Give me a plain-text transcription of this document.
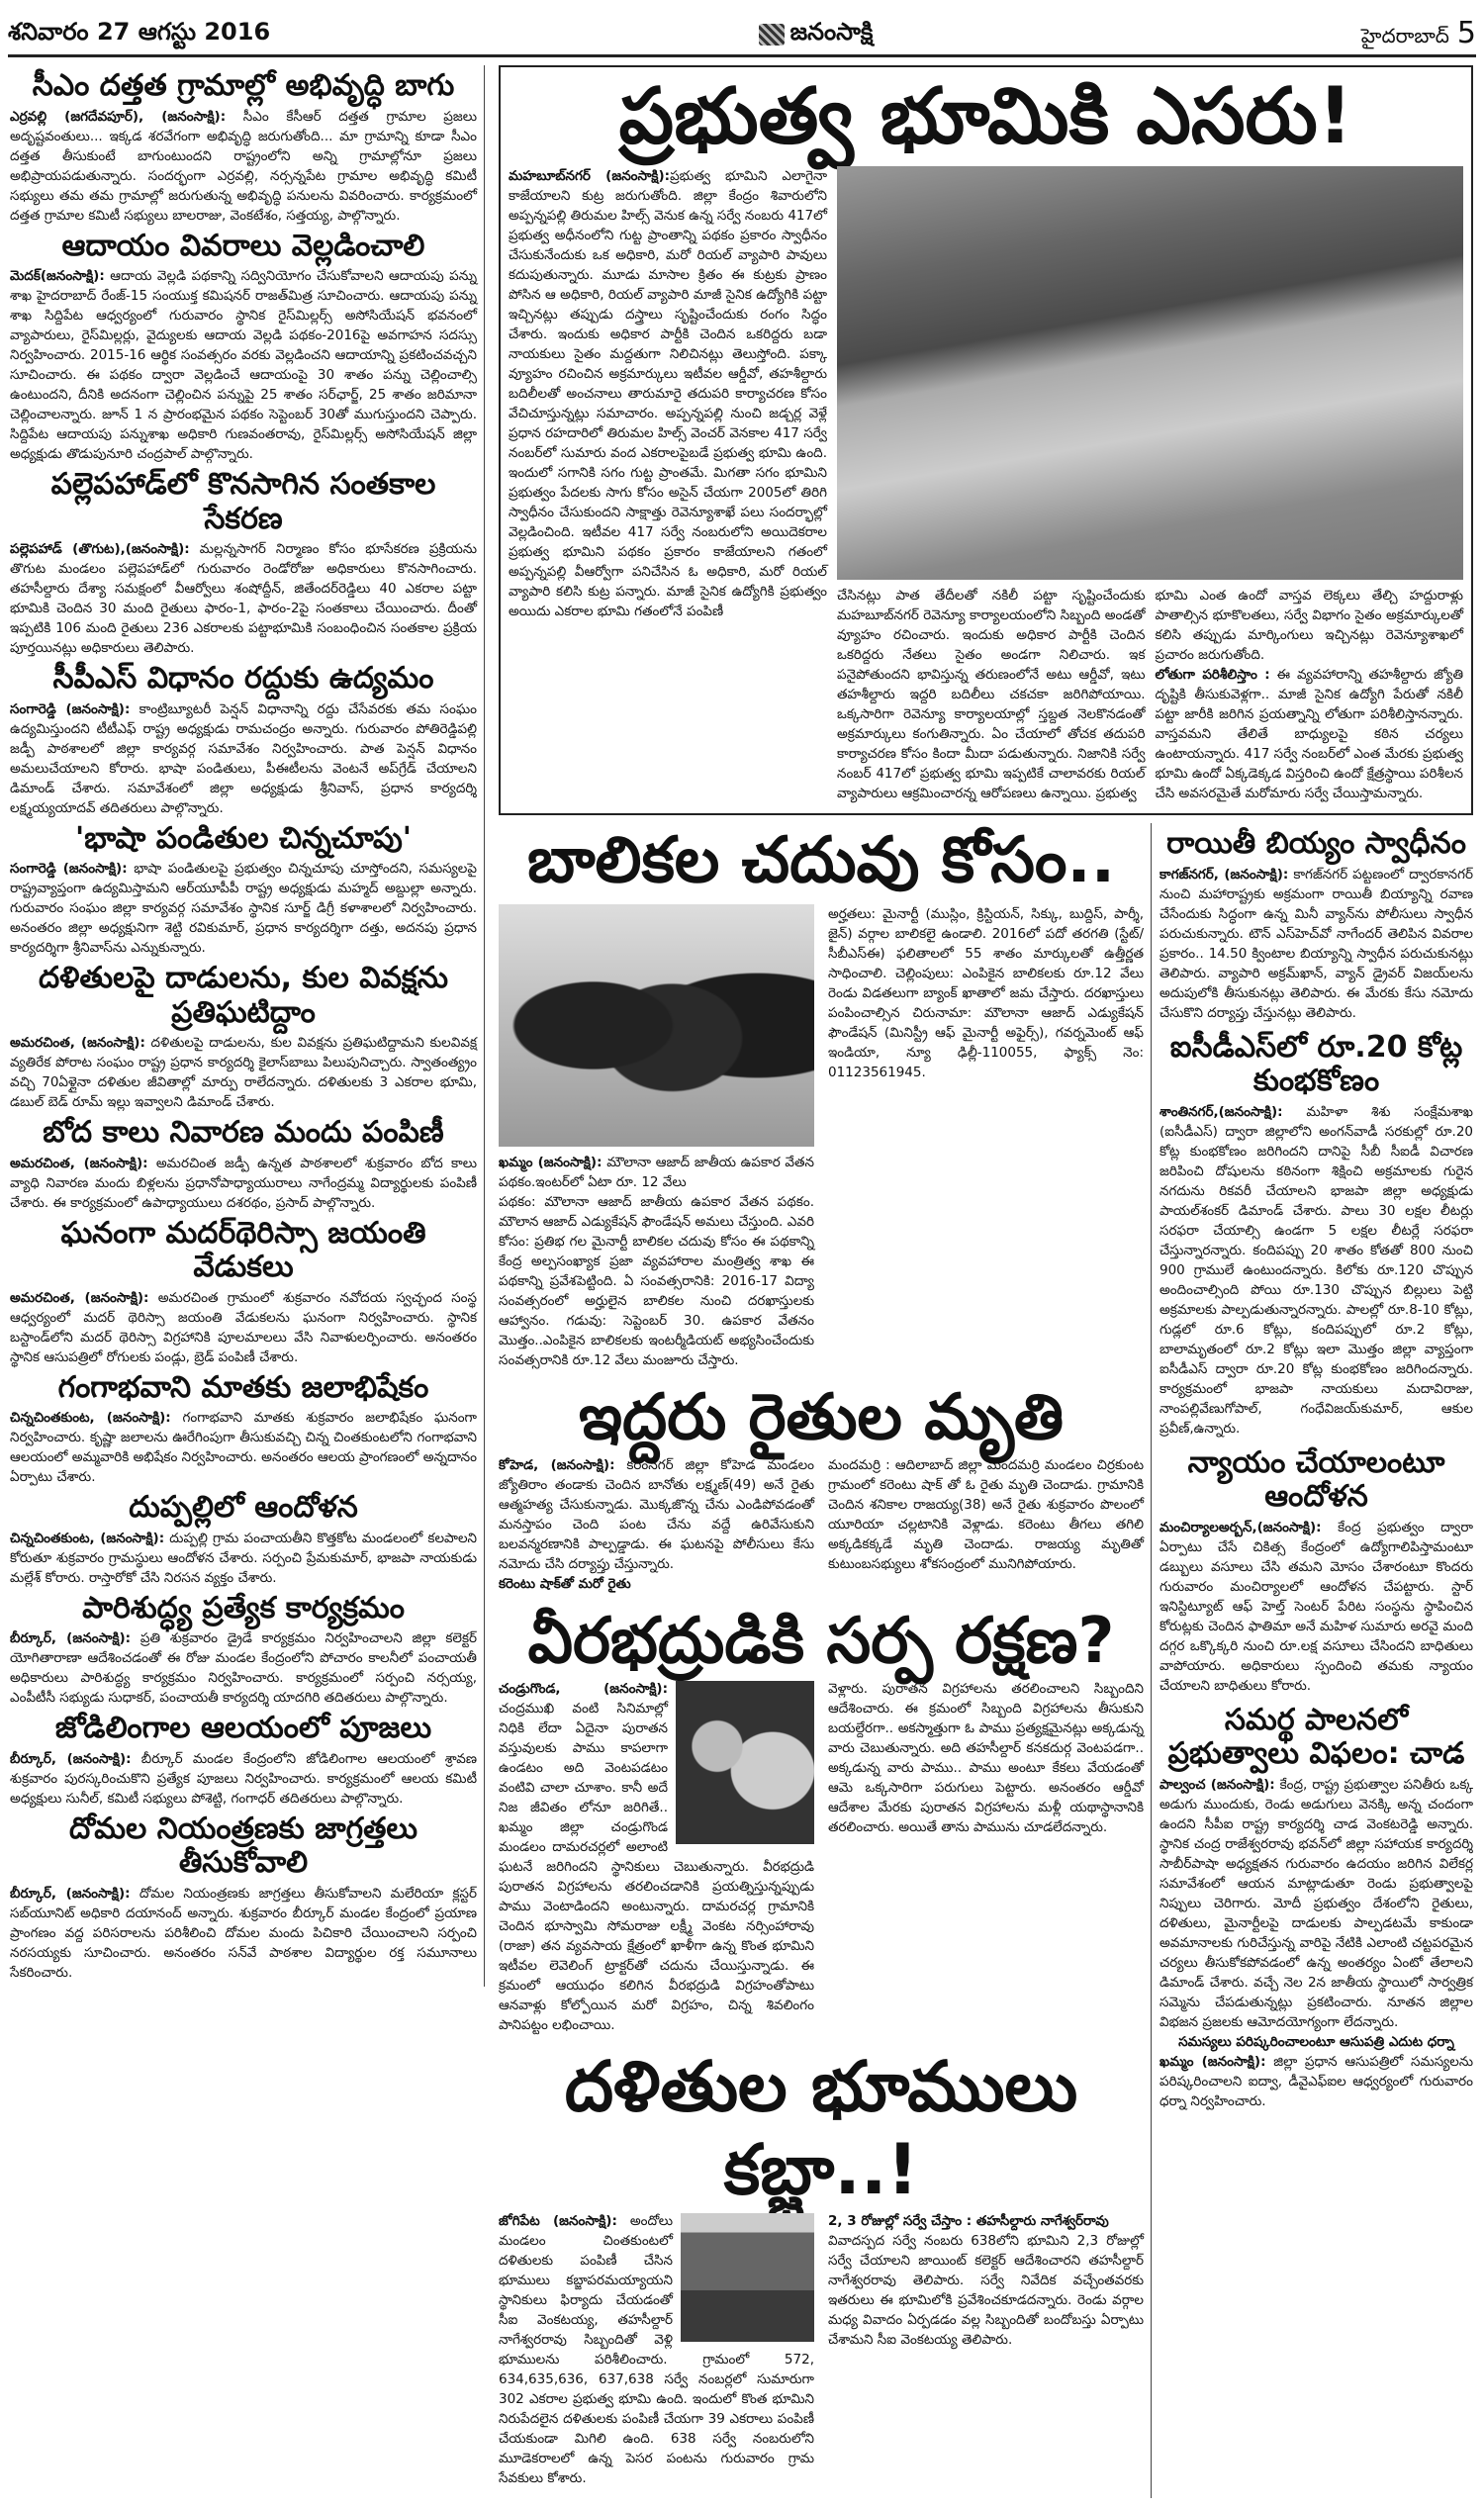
శనివారం 27 ఆగస్టు 2016	జనంసాక్షి	హైదరాబాద్ 5
సీఎం దత్తత గ్రామాల్లో అభివృద్ధి బాగు

ఎర్రవల్లి (జగదేవపూర్), (జనంసాక్షి): సీఎం కేసీఆర్ దత్తత గ్రామాల ప్రజలు అదృష్టవంతులు... ఇక్కడ శరవేగంగా అభివృద్ధి జరుగుతోంది... మా గ్రామాన్ని కూడా సీఎం దత్తత తీసుకుంటే బాగుంటుందని రాష్ట్రంలోని అన్ని గ్రామాల్లోనూ ప్రజలు అభిప్రాయపడుతున్నారు. సందర్భంగా ఎర్రవల్లి, నర్సన్నపేట గ్రామాల అభివృద్ధి కమిటీ సభ్యులు తమ తమ గ్రామాల్లో జరుగుతున్న అభివృద్ధి పనులను వివరించారు. కార్యక్రమంలో దత్తత గ్రామాల కమిటీ సభ్యులు బాలరాజు, వెంకటేశం, సత్తయ్య, పాల్గొన్నారు.

ఆదాయం వివరాలు వెల్లడించాలి

మెదక్(జనంసాక్షి): ఆదాయ వెల్లడి పథకాన్ని సద్వినియోగం చేసుకోవాలని ఆదాయపు పన్ను శాఖ హైదరాబాద్ రేంజ్-15 సంయుక్త కమిషనర్ రాజత్‌మిత్ర సూచించారు. ఆదాయపు పన్ను శాఖ సిద్దిపేట ఆధ్వర్యంలో గురువారం స్థానిక రైస్‌మిల్లర్స్ అసోసియేషన్ భవనంలో వ్యాపారులు, రైస్‌మిల్లర్లు, వైద్యులకు ఆదాయ వెల్లడి పథకం-2016పై అవగాహన సదస్సు నిర్వహించారు. 2015-16 ఆర్థిక సంవత్సరం వరకు వెల్లడించని ఆదాయాన్ని ప్రకటించవచ్చని సూచించారు. ఈ పథకం ద్వారా వెల్లడించే ఆదాయంపై 30 శాతం పన్ను చెల్లించాల్సి ఉంటుందని, దీనికి అదనంగా చెల్లించిన పన్నుపై 25 శాతం సర్‌ఛార్జ్, 25 శాతం జరిమానా చెల్లించాలన్నారు. జూన్ 1 న ప్రారంభమైన పథకం సెప్టెంబర్ 30తో ముగుస్తుందని చెప్పారు. సిద్దిపేట ఆదాయపు పన్నుశాఖ అధికారి గుణవంతరావు, రైస్‌మిల్లర్స్ అసోసియేషన్ జిల్లా అధ్యక్షుడు తొడుపునూరి చంద్రపాల్ పాల్గొన్నారు.

పల్లెపహాడ్‌లో కొనసాగిన సంతకాల సేకరణ

పల్లెపహాడ్ (తొగుట),(జనంసాక్షి): మల్లన్నసాగర్ నిర్మాణం కోసం భూసేకరణ ప్రక్రియను తొగుట మండలం పల్లెపహాడ్‌లో గురువారం రెండోరోజు అధికారులు కొనసాగించారు. తహసీల్దారు దేశ్యా సమక్షంలో వీఆర్వోలు శంషోద్దీన్, జితేందర్‌రెడ్డిలు 40 ఎకరాల పట్టా భూమికి చెందిన 30 మంది రైతులు ఫారం-1, ఫారం-2పై సంతకాలు చేయించారు. దీంతో ఇప్పటికి 106 మంది రైతులు 236 ఎకరాలకు పట్టాభూమికి సంబంధించిన సంతకాల ప్రక్రియ పూర్తయినట్లు అధికారులు తెలిపారు.

సీపీఎస్ విధానం రద్దుకు ఉద్యమం

సంగారెడ్డి (జనంసాక్షి): కాంట్రిబ్యూటరీ పెన్షన్ విధానాన్ని రద్దు చేసేవరకు తమ సంఘం ఉద్యమిస్తుందని టీటీఎఫ్ రాష్ట్ర అధ్యక్షుడు రామచంద్రం అన్నారు. గురువారం పోతిరెడ్డిపల్లి జడ్పీ పాఠశాలలో జిల్లా కార్యవర్గ సమావేశం నిర్వహించారు. పాత పెన్షన్ విధానం అమలుచేయాలని కోరారు. భాషా పండితులు, పీఈటీలను వెంటనే అప్‌గ్రేడ్ చేయాలని డిమాండ్ చేశారు. సమావేశంలో జిల్లా అధ్యక్షుడు శ్రీనివాస్, ప్రధాన కార్యదర్శి లక్ష్మయ్యయాదవ్ తదితరులు పాల్గొన్నారు.

'భాషా పండితుల చిన్నచూపు'

సంగారెడ్డి (జనంసాక్షి): భాషా పండితులపై ప్రభుత్వం చిన్నచూపు చూస్తోందని, సమస్యలపై రాష్ట్రవ్యాప్తంగా ఉద్యమిస్తామని ఆర్‌యూపీపీ రాష్ట్ర అధ్యక్షుడు మహ్మద్ అబ్దుల్లా అన్నారు. గురువారం సంఘం జిల్లా కార్యవర్గ సమావేశం స్థానిక సూర్జ్ డిగ్రీ కళాశాలలో నిర్వహించారు. అనంతరం జిల్లా అధ్యక్షునిగా శెట్టి రవికుమార్, ప్రధాన కార్యదర్శిగా దత్తు, అదనపు ప్రధాన కార్యదర్శిగా శ్రీనివాస్‌ను ఎన్నుకున్నారు.

దళితులపై దాడులను, కుల వివక్షను ప్రతిఘటిద్దాం

అమరచింత, (జనంసాక్షి): దళితులపై దాడులను, కుల వివక్షను ప్రతిఘటిద్దామని కులవివక్ష వ్యతిరేక పోరాట సంఘం రాష్ట్ర ప్రధాన కార్యదర్శి కైలాస్‌బాబు పిలుపునిచ్చారు. స్వాతంత్య్రం వచ్చి 70ఏళ్లైనా దళితుల జీవితాల్లో మార్పు రాలేదన్నారు. దళితులకు 3 ఎకరాల భూమి, డబుల్ బెడ్ రూమ్ ఇల్లు ఇవ్వాలని డిమాండ్ చేశారు.

బోద కాలు నివారణ మందు పంపిణీ

అమరచింత, (జనంసాక్షి): అమరచింత జడ్పీ ఉన్నత పాఠశాలలో శుక్రవారం బోద కాలు వ్యాధి నివారణ మందు బిళ్లలను ప్రధానోపాధ్యాయురాలు నాగేంద్రమ్మ విద్యార్థులకు పంపిణీ చేశారు. ఈ కార్యక్రమంలో ఉపాధ్యాయులు దశరథం, ప్రసాద్ పాల్గొన్నారు.

ఘనంగా మదర్‌థెరిస్సా జయంతి వేడుకలు

అమరచింత, (జనంసాక్షి): అమరచింత గ్రామంలో శుక్రవారం నవోదయ స్వచ్ఛంద సంస్థ ఆధ్వర్యంలో మదర్ థెరిస్సా జయంతి వేడుకలను ఘనంగా నిర్వహించారు. స్థానిక బస్టాండ్‌లోని మదర్ థెరిస్సా విగ్రహానికి పూలమాలలు వేసి నివాళులర్పించారు. అనంతరం స్థానిక ఆసుపత్రిలో రోగులకు పండ్లు, బ్రెడ్ పంపిణీ చేశారు.

గంగాభవాని మాతకు జలాభిషేకం

చిన్నచింతకుంట, (జనంసాక్షి): గంగాభవాని మాతకు శుక్రవారం జలాభిషేకం ఘనంగా నిర్వహించారు. కృష్ణా జలాలను ఊరేగింపుగా తీసుకువచ్చి చిన్న చింతకుంటలోని గంగాభవాని ఆలయంలో అమ్మవారికి అభిషేకం నిర్వహించారు. అనంతరం ఆలయ ప్రాంగణంలో అన్నదానం ఏర్పాటు చేశారు.

దుప్పల్లిలో ఆందోళన

చిన్నచింతకుంట, (జనంసాక్షి): దుప్పల్లి గ్రామ పంచాయతీని కొత్తకోట మండలంలో కలపాలని కోరుతూ శుక్రవారం గ్రామస్థులు ఆందోళన చేశారు. సర్పంచి ప్రేమకుమార్, భాజపా నాయకుడు మల్లేశ్ కోరారు. రాస్తారోకో చేసి నిరసన వ్యక్తం చేశారు.

పారిశుద్ధ్య ప్రత్యేక కార్యక్రమం

బీర్కూర్, (జనంసాక్షి): ప్రతి శుక్రవారం డ్రైడే కార్యక్రమం నిర్వహించాలని జిల్లా కలెక్టర్ యోగితారాణా ఆదేశించడంతో ఈ రోజు మండల కేంద్రంలోని పోచారం కాలనీలో పంచాయతీ అధికారులు పారిశుద్ధ్య కార్యక్రమం నిర్వహించారు. కార్యక్రమంలో సర్పంచి నర్సయ్య, ఎంపీటీసీ సభ్యుడు సుధాకర్, పంచాయతీ కార్యదర్శి యాదగిరి తదితరులు పాల్గొన్నారు.

జోడిలింగాల ఆలయంలో పూజలు

బీర్కూర్, (జనంసాక్షి): బీర్కూర్ మండల కేంద్రంలోని జోడిలింగాల ఆలయంలో శ్రావణ శుక్రవారం పురస్కరించుకొని ప్రత్యేక పూజలు నిర్వహించారు. కార్యక్రమంలో ఆలయ కమిటీ అధ్యక్షులు సునీల్, కమిటీ సభ్యులు పోశెట్టి, గంగాధర్ తదితరులు పాల్గొన్నారు.

దోమల నియంత్రణకు జాగ్రత్తలు తీసుకోవాలి

బీర్కూర్, (జనంసాక్షి): దోమల నియంత్రణకు జాగ్రత్తలు తీసుకోవాలని మలేరియా క్లస్టర్ సబ్‌యూనిట్ అధికారి దయానంద్ అన్నారు. శుక్రవారం బీర్కూర్ మండల కేంద్రంలో ప్రయాణ ప్రాంగణం వద్ద పరిసరాలను పరిశీలించి దోమల మందు పిచికారి చేయించాలని సర్పంచి నరసయ్యకు సూచించారు. అనంతరం సన్‌వే పాఠశాల విద్యార్థుల రక్త సమూనాలు సేకరించారు.

ప్రభుత్వ భూమికి ఎసరు!

మహబూబ్‌నగర్ (జనంసాక్షి):ప్రభుత్వ భూమిని ఎలాగైనా కాజేయాలని కుట్ర జరుగుతోంది. జిల్లా కేంద్రం శివారులోని అప్పన్నపల్లి తిరుమల హిల్స్ వెనుక ఉన్న సర్వే నంబరు 417లో ప్రభుత్వ అధీనంలోని గుట్ట ప్రాంతాన్ని పథకం ప్రకారం స్వాధీనం చేసుకునేందుకు ఒక అధికారి, మరో రియల్ వ్యాపారి పావులు కదుపుతున్నారు. మూడు మాసాల క్రితం ఈ కుట్రకు ప్రాణం పోసిన ఆ అధికారి, రియల్ వ్యాపారి మాజీ సైనిక ఉద్యోగికి పట్టా ఇచ్చినట్లు తప్పుడు దస్త్రాలు సృష్టించేందుకు రంగం సిద్ధం చేశారు. ఇందుకు అధికార పార్టీకి చెందిన ఒకరిద్దరు బడా నాయకులు సైతం మద్దతుగా నిలిచినట్లు తెలుస్తోంది. పక్కా వ్యూహం రచించిన అక్రమార్కులు ఇటీవల ఆర్డీవో, తహశీల్దారు బదిలీలతో అంచనాలు తారుమారై తదుపరి కార్యాచరణ కోసం వేచిచూస్తున్నట్లు సమాచారం. అప్పన్నపల్లి నుంచి జడ్చర్ల వెళ్లే ప్రధాన రహదారిలో తిరుమల హిల్స్ వెంచర్ వెనకాల 417 సర్వే నంబర్‌లో సుమారు వంద ఎకరాలపైబడే ప్రభుత్వ భూమి ఉంది. ఇందులో సగానికి సగం గుట్ట ప్రాంతమే. మిగతా సగం భూమిని ప్రభుత్వం పేదలకు సాగు కోసం అసైన్ చేయగా 2005లో తిరిగి స్వాధీనం చేసుకుందని సాక్షాత్తు రెవెన్యూశాఖే పలు సందర్భాల్లో వెల్లడించింది. ఇటీవల 417 సర్వే నంబరులోని అయిదెకరాల ప్రభుత్వ భూమిని పథకం ప్రకారం కాజేయాలని గతంలో అప్పన్నపల్లి వీఆర్వోగా పనిచేసిన ఓ అధికారి, మరో రియల్ వ్యాపారి కలిసి కుట్ర పన్నారు. మాజీ సైనిక ఉద్యోగికి ప్రభుత్వం అయిదు ఎకరాల భూమి గతంలోనే పంపిణీ

చేసినట్లు పాత తేదీలతో నకిలీ పట్టా సృష్టించేందుకు మహబూబ్‌నగర్ రెవెన్యూ కార్యాలయంలోని సిబ్బంది అండతో వ్యూహం రచించారు. ఇందుకు అధికార పార్టీకి చెందిన ఒకరిద్దరు నేతలు సైతం అండగా నిలిచారు. ఇక పనైపోతుందని భావిస్తున్న తరుణంలోనే అటు ఆర్డీవో, ఇటు తహశీల్దారు ఇద్దరి బదిలీలు చకచకా జరిగిపోయాయి. ఒక్కసారిగా రెవెన్యూ కార్యాలయాల్లో స్తబ్దత నెలకొనడంతో అక్రమార్కులు కంగుతిన్నారు. ఏం చేయాలో తోచక తదుపరి కార్యాచరణ కోసం కిందా మీదా పడుతున్నారు. నిజానికి సర్వే నంబర్ 417లో ప్రభుత్వ భూమి ఇప్పటికే చాలావరకు రియల్ వ్యాపారులు ఆక్రమించారన్న ఆరోపణలు ఉన్నాయి. ప్రభుత్వ

భూమి ఎంత ఉందో వాస్తవ లెక్కలు తేల్చి హద్దురాళ్లు పాతాల్సిన భూకొలతలు, సర్వే విభాగం సైతం అక్రమార్కులతో కలిసి తప్పుడు మార్కింగులు ఇచ్చినట్లు రెవెన్యూశాఖలో ప్రచారం జరుగుతోంది.

లోతుగా పరిశీలిస్తాం : ఈ వ్యవహారాన్ని తహశీల్దారు జ్యోతి దృష్టికి తీసుకువెళ్లగా.. మాజీ సైనిక ఉద్యోగి పేరుతో నకిలీ పట్టా జారీకి జరిగిన ప్రయత్నాన్ని లోతుగా పరిశీలిస్తానన్నారు. వాస్తవమని తేలితే బాధ్యులపై కఠిన చర్యలు ఉంటాయన్నారు. 417 సర్వే నంబర్‌లో ఎంత మేరకు ప్రభుత్వ భూమి ఉందో ఏక్కడెక్కడ విస్తరించి ఉందో క్షేత్రస్థాయి పరిశీలన చేసి అవసరమైతే మరోమారు సర్వే చేయిస్తామన్నారు.

బాలికల చదువు కోసం..

ఖమ్మం (జనంసాక్షి): మౌలానా ఆజాద్ జాతీయ ఉపకార వేతన పథకం.ఇంటర్‌లో ఏటా రూ. 12 వేలు

పథకం: మౌలానా ఆజాద్ జాతీయ ఉపకార వేతన పథకం. మౌలాన ఆజాద్ ఎడ్యుకేషన్ ఫౌండేషన్ అమలు చేస్తుంది. ఎవరి కోసం: ప్రతిభ గల మైనార్టీ బాలికల చదువు కోసం ఈ పథకాన్ని కేంద్ర అల్పసంఖ్యాక ప్రజా వ్యవహారాల మంత్రిత్వ శాఖ ఈ పథకాన్ని ప్రవేశపెట్టింది. ఏ సంవత్సరానికి: 2016-17 విద్యా సంవత్సరంలో అర్హులైన బాలికల నుంచి దరఖాస్తులకు ఆహ్వానం. గడువు: సెప్టెంబర్ 30. ఉపకార వేతనం మొత్తం..ఎంపికైన బాలికలకు ఇంటర్మీడియట్ అభ్యసించేందుకు సంవత్సరానికి రూ.12 వేలు మంజూరు చేస్తారు.

అర్హతలు: మైనార్టీ (ముస్లిం, క్రిస్టియన్, సిక్కు, బుద్దిస్, పార్శీ, జైన్) వర్గాల బాలికలై ఉండాలి. 2016లో పదో తరగతి (స్టేట్/సీబీఎస్‌ఈ) ఫలితాలలో 55 శాతం మార్కులతో ఉత్తీర్ణత సాధించాలి. చెల్లింపులు: ఎంపికైన బాలికలకు రూ.12 వేలు రెండు విడతలుగా బ్యాంక్ ఖాతాలో జమ చేస్తారు. దరఖాస్తులు పంపించాల్సిన చిరునామా: మౌలానా ఆజాద్ ఎడ్యుకేషన్ ఫౌండేషన్ (మినిస్ట్రీ ఆఫ్ మైనార్టీ అఫైర్స్), గవర్నమెంట్ ఆఫ్ ఇండియా, న్యూ ఢిల్లీ-110055, ఫ్యాక్స్ నెం: 01123561945.

ఇద్దరు రైతుల మృతి

కోహెడ, (జనంసాక్షి): కరీంనగర్ జిల్లా కోహెడ మండలం జ్యోతిరాం తండాకు చెందిన బానోతు లక్ష్మణ్(49) అనే రైతు ఆత్మహత్య చేసుకున్నాడు. మొక్కజొన్న చేను ఎండిపోవడంతో మనస్తాపం చెంది పంట చేను వద్దే ఉరివేసుకుని బలవన్మరణానికి పాల్పడ్డాడు. ఈ ఘటనపై పోలీసులు కేసు నమోదు చేసి దర్యాప్తు చేస్తున్నారు.

కరెంటు షాక్‌తో మరో రైతు

మందమర్రి : ఆదిలాబాద్ జిల్లా మందమర్రి మండలం చిర్రకుంట గ్రామంలో కరెంటు షాక్ తో ఓ రైతు మృతి చెందాడు. గ్రామానికి చెందిన శనికాల రాజయ్య(38) అనే రైతు శుక్రవారం పొలంలో యూరియా చల్లటానికి వెళ్లాడు. కరెంటు తీగలు తగిలి అక్కడికక్కడే మృతి చెందాడు. రాజయ్య మృతితో కుటుంబసభ్యులు శోకసంద్రంలో మునిగిపోయారు.

వీరభద్రుడికి సర్ప రక్షణ?

చండ్రుగొండ, (జనంసాక్షి): చంద్రముఖి వంటి సినిమాల్లో నిధికి లేదా ఏదైనా పురాతన వస్తువులకు పాము కాపలాగా ఉండటం అది వెంటపడటం వంటివి చాలా చూశాం. కానీ అదే నిజ జీవితం లోనూ జరిగితే.. ఖమ్మం జిల్లా చండ్రుగొండ మండలం దామరచర్లలో అలాంటి ఘటనే జరిగిందని స్థానికులు చెబుతున్నారు. వీరభద్రుడి పురాతన విగ్రహాలను తరలించడానికి ప్రయత్నిస్తున్నప్పుడు పాము వెంటాడిందని అంటున్నారు. దామరచర్ల గ్రామానికి చెందిన భూస్వామి సోమరాజు లక్ష్మీ వెంకట నర్సింహారావు (రాజా) తన వ్యవసాయ క్షేత్రంలో ఖాళీగా ఉన్న కొంత భూమిని ఇటీవల లెవెలింగ్ ట్రాక్టర్‌తో చదును చేయిస్తున్నాడు. ఈ క్రమంలో ఆయుధం కలిగిన వీరభద్రుడి విగ్రహంతోపాటు ఆనవాళ్లు కోల్పోయిన మరో విగ్రహం, చిన్న శివలింగం పానిపట్టం లభించాయి.

వెళ్లారు. పురాతన విగ్రహాలను తరలించాలని సిబ్బందిని ఆదేశించారు. ఈ క్రమంలో సిబ్బంది విగ్రహాలను తీసుకుని బయల్దేరగా.. అకస్మాత్తుగా ఓ పాము ప్రత్యక్షమైనట్లు అక్కడున్న వారు చెబుతున్నారు. అది తహసీల్దార్ కనకదుర్గ వెంటపడగా.. అక్కడున్న వారు పాము.. పాము అంటూ కేకలు వేయడంతో ఆమె ఒక్కసారిగా పరుగులు పెట్టారు. అనంతరం ఆర్డీవో ఆదేశాల మేరకు పురాతన విగ్రహాలను మళ్లీ యథాస్థానానికి తరలించారు. అయితే తాను పామును చూడలేదన్నారు.

దళితుల భూములు కబ్జా..!

జోగిపేట (జనంసాక్షి): అందోలు మండలం చింతకుంటలో దళితులకు పంపిణీ చేసిన భూములు కబ్జాపరమయ్యాయని స్థానికులు ఫిర్యాదు చేయడంతో సీఐ వెంకటయ్య, తహసీల్దార్ నాగేశ్వరరావు సిబ్బందితో వెళ్లి భూములను పరిశీలించారు. గ్రామంలో 572, 634,635,636, 637,638 సర్వే నంబర్లలో సుమారుగా 302 ఎకరాల ప్రభుత్వ భూమి ఉంది. ఇందులో కొంత భూమిని నిరుపేదలైన దళితులకు పంపిణీ చేయగా 39 ఎకరాలు పంపిణీ చేయకుండా మిగిలి ఉంది. 638 సర్వే నంబరులోని మూడెకరాలలో ఉన్న పెసర పంటను గురువారం గ్రామ సేవకులు కోశారు.

2, 3 రోజుల్లో సర్వే చేస్తాం : తహసీల్దారు నాగేశ్వర్‌రావు

వివాదస్పద సర్వే నంబరు 638లోని భూమిని 2,3 రోజుల్లో సర్వే చేయాలని జాయింట్ కలెక్టర్ ఆదేశించారని తహసీల్దార్ నాగేశ్వరరావు తెలిపారు. సర్వే నివేదిక వచ్చేంతవరకు ఇతరులు ఈ భూమిలోకి ప్రవేశించకూడదన్నారు. రెండు వర్గాల మధ్య వివాదం ఏర్పడడం వల్ల సిబ్బందితో బందోబస్తు ఏర్పాటు చేశామని సీఐ వెంకటయ్య తెలిపారు.

రాయితీ బియ్యం స్వాధీనం

కాగజ్‌నగర్, (జనంసాక్షి): కాగజ్‌నగర్ పట్టణంలో ద్వారకానగర్ నుంచి మహారాష్ట్రకు అక్రమంగా రాయితీ బియ్యాన్ని రవాణ చేసేందుకు సిద్ధంగా ఉన్న మినీ వ్యాన్‌ను పోలీసులు స్వాధీన పరుచుకున్నారు. టౌన్ ఎస్‌హెచ్‌వో నాగేందర్ తెలిపిన వివరాల ప్రకారం.. 14.50 క్వింటాల బియ్యాన్ని స్వాధీన పరుచుకునట్లు తెలిపారు. వ్యాపారి అక్రమ్‌ఖాన్, వ్యాన్ డ్రైవర్ విజయ్‌లను అదుపులోకి తీసుకునట్లు తెలిపారు. ఈ మేరకు కేసు నమోదు చేసుకొని దర్యాప్తు చేస్తునట్లు తెలిపారు.

ఐసీడీఎస్‌లో రూ.20 కోట్ల కుంభకోణం

శాంతినగర్,(జనంసాక్షి): మహిళా శిశు సంక్షేమశాఖ (ఐసీడీఎస్) ద్వారా జిల్లాలోని అంగన్‌వాడీ సరకుల్లో రూ.20 కోట్ల కుంభకోణం జరిగిందని దానిపై సీబీ సీఐడీ విచారణ జరిపించి దోషులను కఠినంగా శిక్షించి అక్రమాలకు గురైన నగదును రికవరీ చేయాలని భాజపా జిల్లా అధ్యక్షుడు పాయల్‌శంకర్ డిమాండ్ చేశారు. పాలు 30 లక్షల లీటర్లు సరఫరా చేయాల్సి ఉండగా 5 లక్షల లీటర్లే సరఫరా చేస్తున్నారన్నారు. కందిపప్పు 20 శాతం కోతతో 800 నుంచి 900 గ్రాములే ఉంటుందన్నారు. కిలోకు రూ.120 చొప్పున అందించాల్సింది పోయి రూ.130 చొప్పున బిల్లులు పెట్టి అక్రమాలకు పాల్పడుతున్నారన్నారు. పాలల్లో రూ.8-10 కోట్లు, గుడ్లలో రూ.6 కోట్లు, కందిపప్పులో రూ.2 కోట్లు, బాలామృతంలో రూ.2 కోట్లు ఇలా మొత్తం జిల్లా వ్యాప్తంగా ఐసీడీఎస్ ద్వారా రూ.20 కోట్ల కుంభకోణం జరిగిందన్నారు. కార్యక్రమంలో భాజపా నాయకులు మదావిరాజు, నాంపల్లివేణుగోపాల్, గంధేవిజయ్‌కుమార్, ఆకుల ప్రవీణ్,ఉన్నారు.

న్యాయం చేయాలంటూ ఆందోళన

మంచిర్యాలఅర్బన్,(జనంసాక్షి): కేంద్ర ప్రభుత్వం ద్వారా ఏర్పాటు చేసే చికిత్స కేంద్రంలో ఉద్యోగాలిపిస్తామంటూ డబ్బులు వసూలు చేసి తమని మోసం చేశారంటూ కొందరు గురువారం మంచిర్యాలలో ఆందోళన చేపట్టారు. స్టార్ ఇనిస్టిట్యూట్ ఆఫ్ హెల్త్ సెంటర్ పేరిట సంస్థను స్థాపించిన కోరుట్లకు చెందిన ఫాతిమా అనే మహిళ సుమారు అరవై మంది దగ్గర ఒక్కొక్కరి నుంచి రూ.లక్ష వసూలు చేసిందని బాధితులు వాపోయారు. అధికారులు స్పందించి తమకు న్యాయం చేయాలని బాధితులు కోరారు.

సమర్థ పాలనలో ప్రభుత్వాలు విఫలం: చాడ

పాల్వంచ (జనంసాక్షి): కేంద్ర, రాష్ట్ర ప్రభుత్వాల పనితీరు ఒక్క అడుగు ముందుకు, రెండు అడుగులు వెనక్కి అన్న చందంగా ఉందని సీపీఐ రాష్ట్ర కార్యదర్శి చాడ వెంకటరెడ్డి అన్నారు. స్థానిక చంద్ర రాజేశ్వరరావు భవన్‌లో జిల్లా సహాయక కార్యదర్శి సాబీర్‌పాషా అధ్యక్షతన గురువారం ఉదయం జరిగిన విలేకర్ల సమావేశంలో ఆయన మాట్లాడుతూ రెండు ప్రభుత్వాలపై నిప్పులు చెరిగారు. మోదీ ప్రభుత్వం దేశంలోని రైతులు, దళితులు, మైనార్టీలపై దాడులకు పాల్పడటమే కాకుండా అవమానాలకు గురిచేస్తున్న వారిపై నేటికి ఎలాంటి చట్టపరమైన చర్యలు తీసుకోకపోవడంలో ఉన్న అంతర్యం ఏంటో తేలాలని డిమాండ్ చేశారు. వచ్చే నెల 2న జాతీయ స్థాయిలో సార్వత్రిక సమ్మెను చేపడుతున్నట్లు ప్రకటించారు. నూతన జిల్లాల విభజన ప్రజలకు ఆమోదయోగ్యంగా లేదన్నారు.

సమస్యలు పరిష్కరించాలంటూ ఆసుపత్రి ఎదుట ధర్నా

ఖమ్మం (జనంసాక్షి): జిల్లా ప్రధాన ఆసుపత్రిలో సమస్యలను పరిష్కరించాలని ఐద్వా, డీవైఎఫ్‌ఐల ఆధ్వర్యంలో గురువారం ధర్నా నిర్వహించారు.
